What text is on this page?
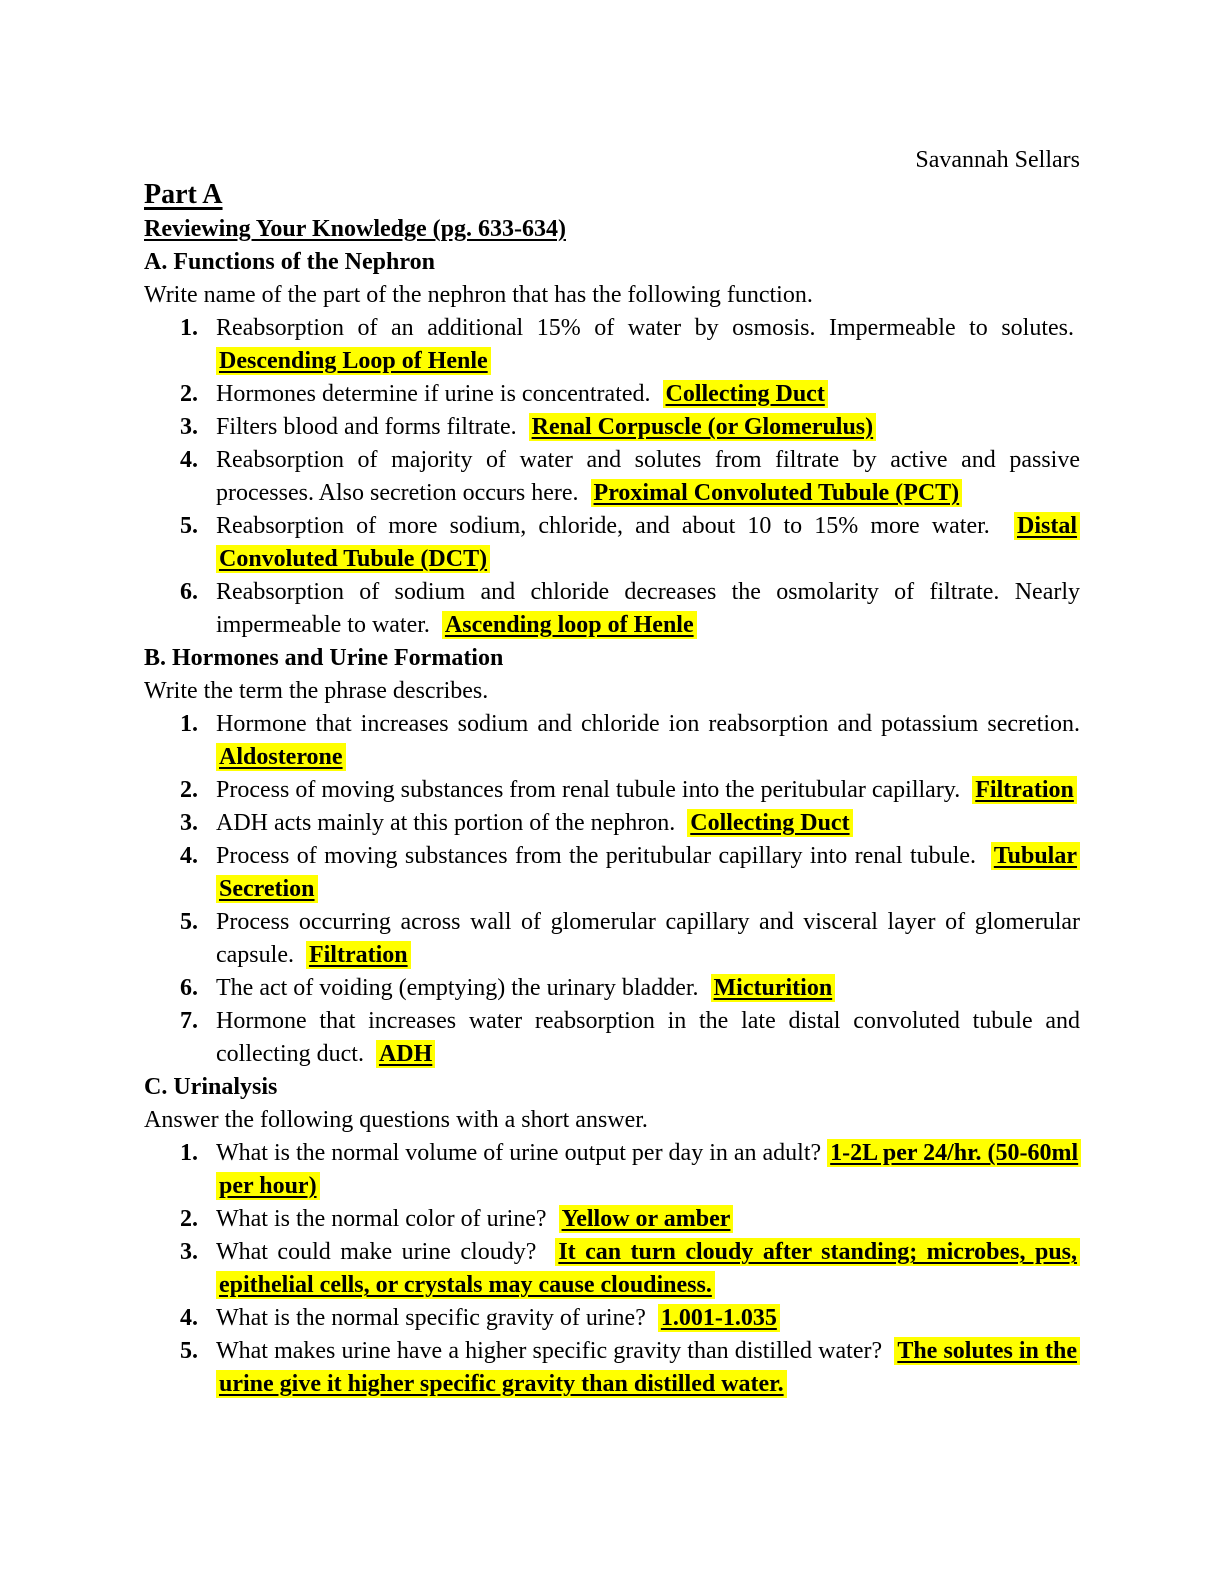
Savannah Sellars
Part A
Reviewing Your Knowledge (pg. 633-634)
A. Functions of the Nephron

Write name of the part of the nephron that has the following function.

1. Reabsorption of an additional 15% of water by osmosis. Impermeable to solutes.  Descending Loop of Henle
2. Hormones determine if urine is concentrated.  Collecting Duct
3. Filters blood and forms filtrate.  Renal Corpuscle (or Glomerulus)
4. Reabsorption of majority of water and solutes from filtrate by active and passive processes. Also secretion occurs here.  Proximal Convoluted Tubule (PCT)
5. Reabsorption of more sodium, chloride, and about 10 to 15% more water.  Distal Convoluted Tubule (DCT)
6. Reabsorption of sodium and chloride decreases the osmolarity of filtrate. Nearly impermeable to water.  Ascending loop of Henle
B. Hormones and Urine Formation

Write the term the phrase describes.

1. Hormone that increases sodium and chloride ion reabsorption and potassium secretion. Aldosterone
2. Process of moving substances from renal tubule into the peritubular capillary.  Filtration
3. ADH acts mainly at this portion of the nephron.  Collecting Duct
4. Process of moving substances from the peritubular capillary into renal tubule.  Tubular Secretion
5. Process occurring across wall of glomerular capillary and visceral layer of glomerular capsule.  Filtration
6. The act of voiding (emptying) the urinary bladder.  Micturition
7. Hormone that increases water reabsorption in the late distal convoluted tubule and collecting duct.  ADH
C. Urinalysis

Answer the following questions with a short answer.

1. What is the normal volume of urine output per day in an adult? 1-2L per 24/hr. (50-60ml per hour)
2. What is the normal color of urine?  Yellow or amber
3. What could make urine cloudy?  It can turn cloudy after standing; microbes, pus, epithelial cells, or crystals may cause cloudiness.
4. What is the normal specific gravity of urine?  1.001-1.035
5. What makes urine have a higher specific gravity than distilled water?  The solutes in the urine give it higher specific gravity than distilled water.
